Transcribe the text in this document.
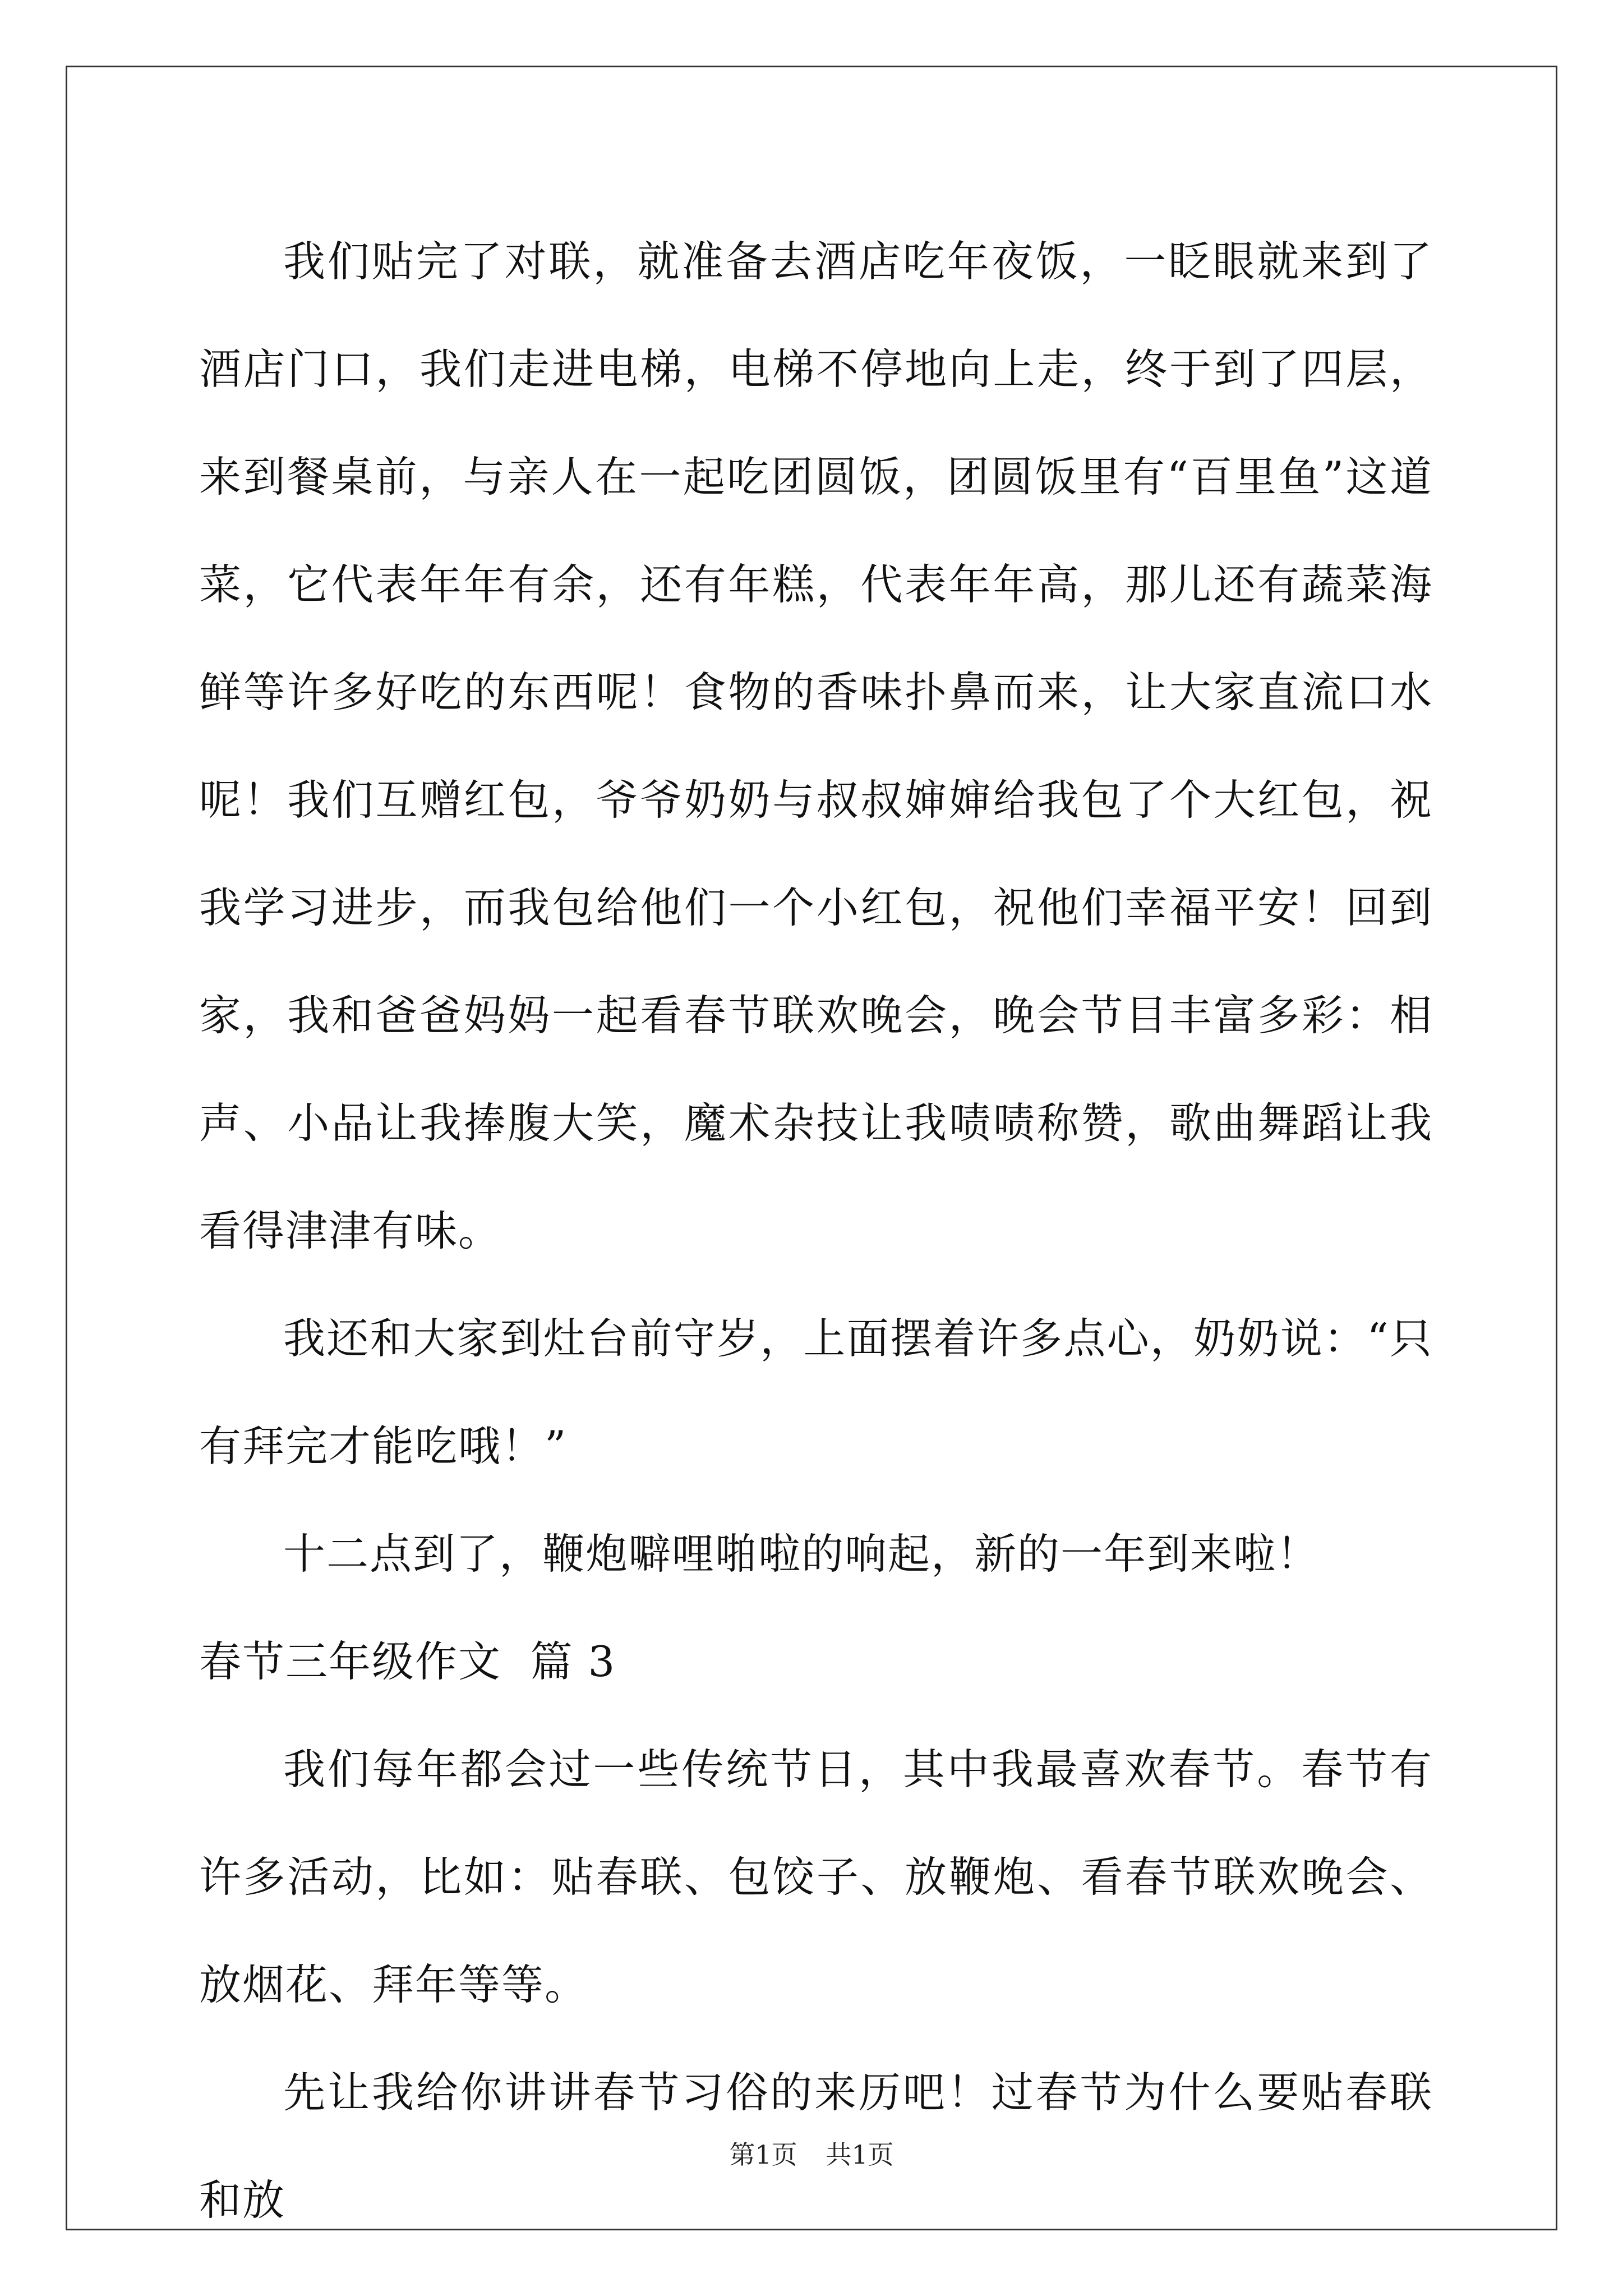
我们贴完了对联，就准备去酒店吃年夜饭，一眨眼就来到了酒店门口，我们走进电梯，电梯不停地向上走，终于到了四层，来到餐桌前，与亲人在一起吃团圆饭，团圆饭里有“百里鱼”这道菜，它代表年年有余，还有年糕，代表年年高，那儿还有蔬菜海鲜等许多好吃的东西呢！食物的香味扑鼻而来，让大家直流口水呢！我们互赠红包，爷爷奶奶与叔叔婶婶给我包了个大红包，祝我学习进步，而我包给他们一个小红包，祝他们幸福平安！回到家，我和爸爸妈妈一起看春节联欢晚会，晚会节目丰富多彩：相声、小品让我捧腹大笑，魔术杂技让我啧啧称赞，歌曲舞蹈让我看得津津有味。

我还和大家到灶台前守岁，上面摆着许多点心，奶奶说：“只有拜完才能吃哦！”

十二点到了，鞭炮噼哩啪啦的响起，新的一年到来啦！

春节三年级作文  篇 3

我们每年都会过一些传统节日，其中我最喜欢春节。春节有许多活动，比如：贴春联、包饺子、放鞭炮、看春节联欢晚会、放烟花、拜年等等。

先让我给你讲讲春节习俗的来历吧！过春节为什么要贴春联和放

第1页 共1页
